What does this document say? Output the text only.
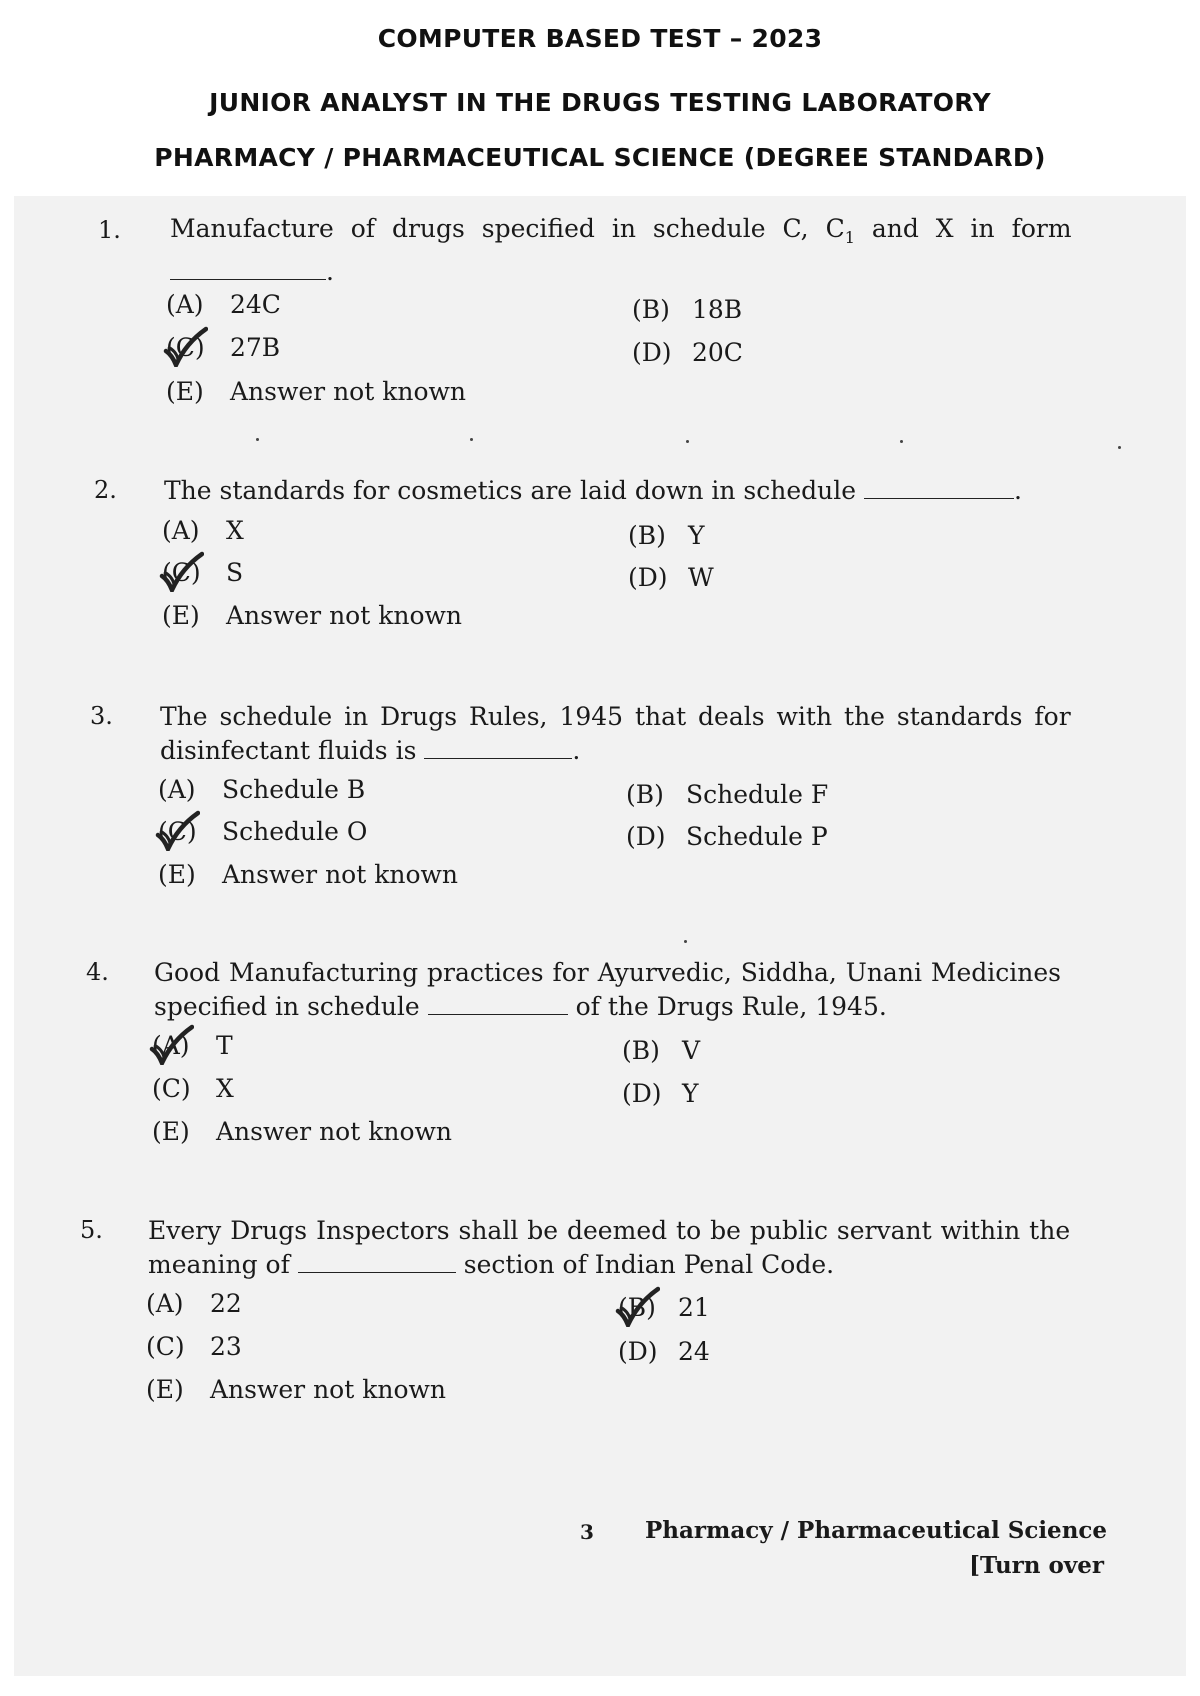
COMPUTER BASED TEST – 2023
JUNIOR ANALYST IN THE DRUGS TESTING LABORATORY
PHARMACY / PHARMACEUTICAL SCIENCE (DEGREE STANDARD)
1. Manufacture of drugs specified in schedule C, $C_1$ and X in form
.
(A) 24C	(B) 18B
(C) 27B	(D) 20C
(E) Answer not known
2. The standards for cosmetics are laid down in schedule	.
(A) X	(B) Y
(C) S	(D) W
(E) Answer not known
3. The schedule in Drugs Rules, 1945 that deals with the standards for
disinfectant fluids is	.
(A) Schedule B	(B) Schedule F
(C) Schedule O	(D) Schedule P
(E) Answer not known
4. Good Manufacturing practices for Ayurvedic, Siddha, Unani Medicines
specified in schedule	of the Drugs Rule, 1945.
(A) T	(B) V
(C) X	(D) Y
(E) Answer not known
5. Every Drugs Inspectors shall be deemed to be public servant within the
meaning of	section of Indian Penal Code.
(A) 22	(B) 21
(C) 23	(D) 24
(E) Answer not known
3 Pharmacy / Pharmaceutical Science
[Turn over
